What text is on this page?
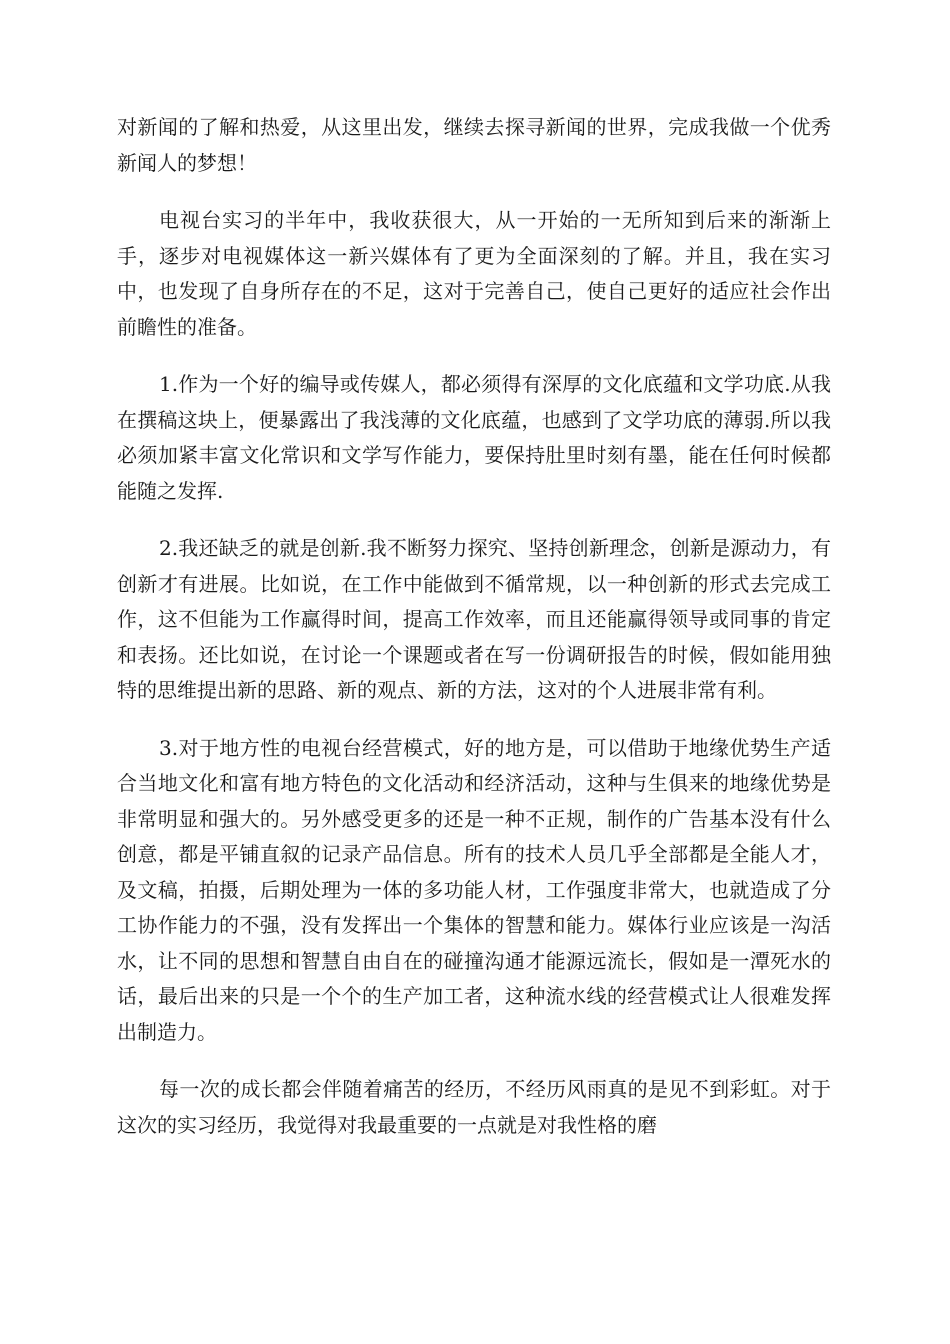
对新闻的了解和热爱，从这里出发，继续去探寻新闻的世界，完成我做一个优秀新闻人的梦想！

电视台实习的半年中，我收获很大，从一开始的一无所知到后来的渐渐上手，逐步对电视媒体这一新兴媒体有了更为全面深刻的了解。并且，我在实习中，也发现了自身所存在的不足，这对于完善自己，使自己更好的适应社会作出前瞻性的准备。

1.作为一个好的编导或传媒人，都必须得有深厚的文化底蕴和文学功底.从我在撰稿这块上，便暴露出了我浅薄的文化底蕴，也感到了文学功底的薄弱.所以我必须加紧丰富文化常识和文学写作能力，要保持肚里时刻有墨，能在任何时候都能随之发挥.

2.我还缺乏的就是创新.我不断努力探究、坚持创新理念，创新是源动力，有创新才有进展。比如说，在工作中能做到不循常规，以一种创新的形式去完成工作，这不但能为工作赢得时间，提高工作效率，而且还能赢得领导或同事的肯定和表扬。还比如说，在讨论一个课题或者在写一份调研报告的时候，假如能用独特的思维提出新的思路、新的观点、新的方法，这对的个人进展非常有利。

3.对于地方性的电视台经营模式，好的地方是，可以借助于地缘优势生产适合当地文化和富有地方特色的文化活动和经济活动，这种与生俱来的地缘优势是非常明显和强大的。另外感受更多的还是一种不正规，制作的广告基本没有什么创意，都是平铺直叙的记录产品信息。所有的技术人员几乎全部都是全能人才，及文稿，拍摄，后期处理为一体的多功能人材，工作强度非常大，也就造成了分工协作能力的不强，没有发挥出一个集体的智慧和能力。媒体行业应该是一沟活水，让不同的思想和智慧自由自在的碰撞沟通才能源远流长，假如是一潭死水的话，最后出来的只是一个个的生产加工者，这种流水线的经营模式让人很难发挥出制造力。

每一次的成长都会伴随着痛苦的经历，不经历风雨真的是见不到彩虹。对于这次的实习经历，我觉得对我最重要的一点就是对我性格的磨
